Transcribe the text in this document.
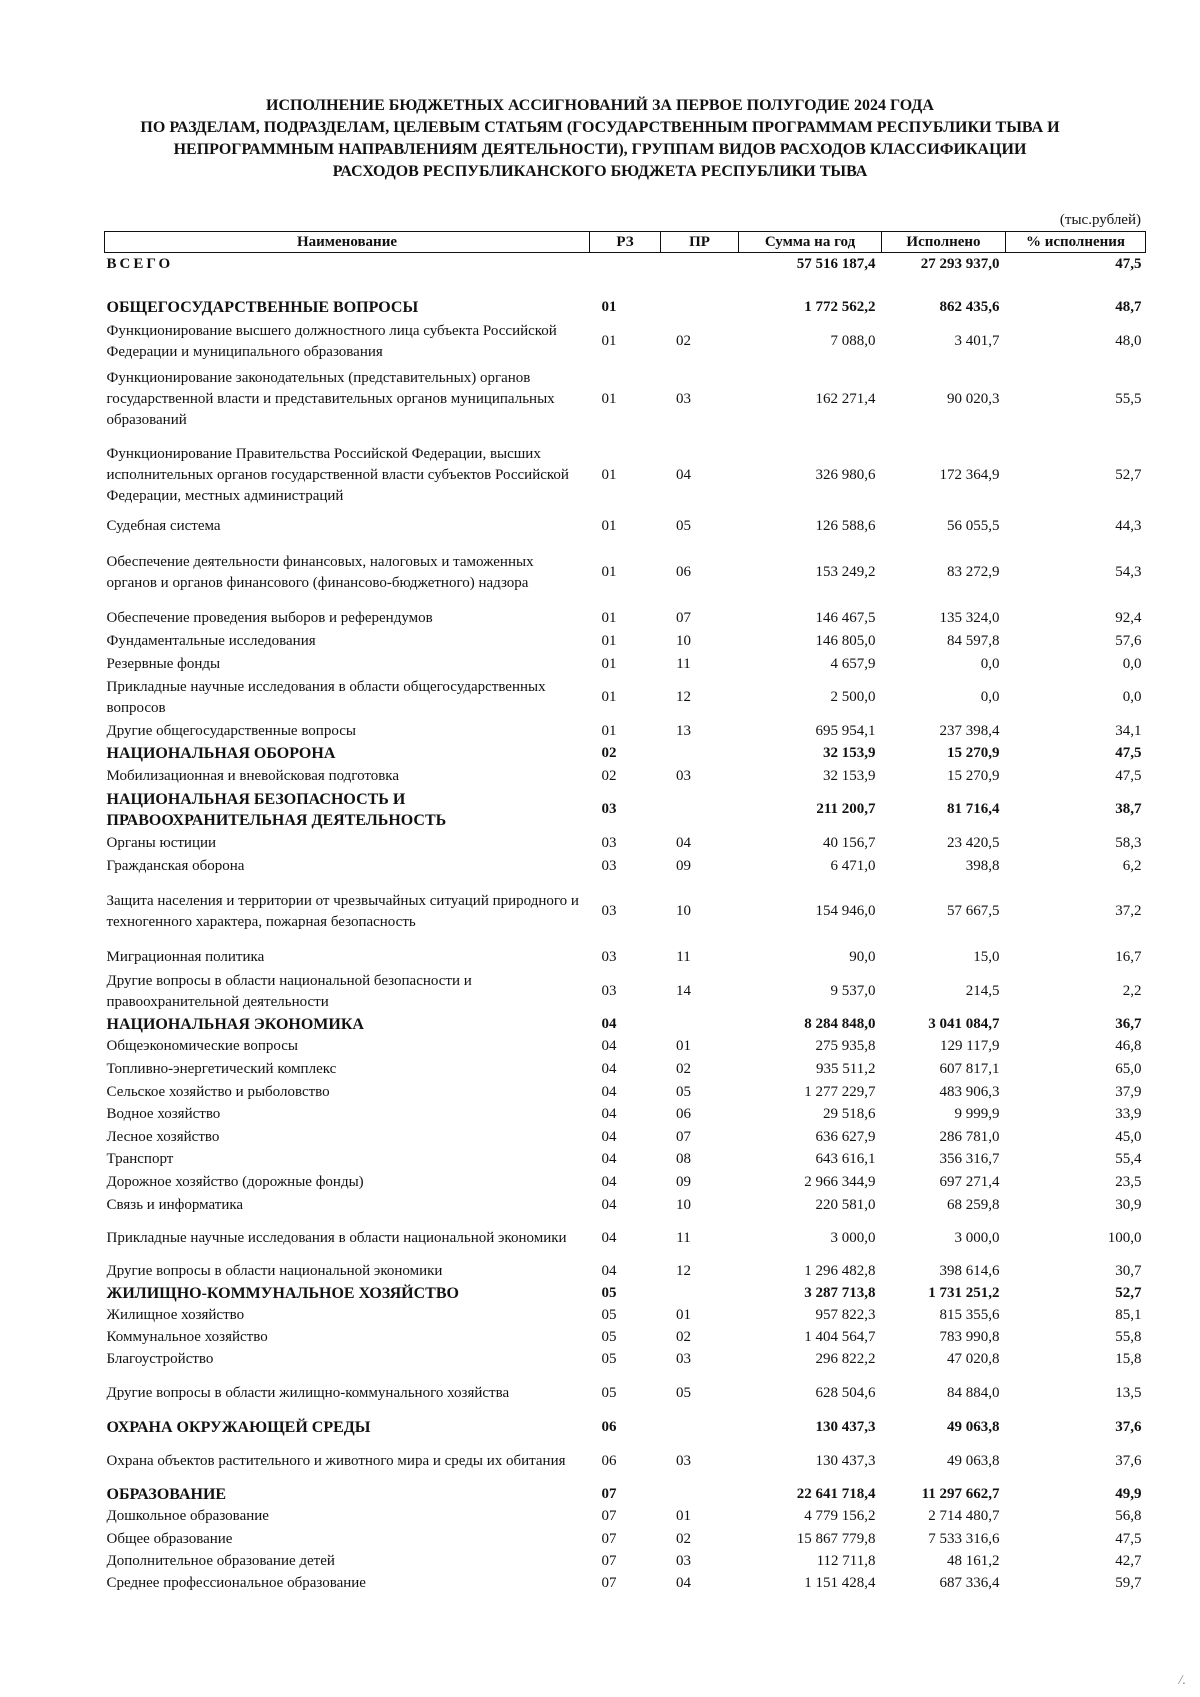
ИСПОЛНЕНИЕ БЮДЖЕТНЫХ АССИГНОВАНИЙ ЗА ПЕРВОЕ ПОЛУГОДИЕ 2024 ГОДА
ПО РАЗДЕЛАМ, ПОДРАЗДЕЛАМ, ЦЕЛЕВЫМ СТАТЬЯМ (ГОСУДАРСТВЕННЫМ ПРОГРАММАМ РЕСПУБЛИКИ ТЫВА И
НЕПРОГРАММНЫМ НАПРАВЛЕНИЯМ ДЕЯТЕЛЬНОСТИ), ГРУППАМ ВИДОВ РАСХОДОВ КЛАССИФИКАЦИИ
РАСХОДОВ РЕСПУБЛИКАНСКОГО БЮДЖЕТА РЕСПУБЛИКИ ТЫВА
(тыс.рублей)
Наименование	РЗ	ПР	Сумма на год	Исполнено	% исполнения
ВСЕГО			57 516 187,4	27 293 937,0	47,5

ОБЩЕГОСУДАРСТВЕННЫЕ ВОПРОСЫ	01		1 772 562,2	862 435,6	48,7
Функционирование высшего должностного лица субъекта Российской Федерации и муниципального образования	01	02	7 088,0	3 401,7	48,0
Функционирование законодательных (представительных) органов государственной власти и представительных органов муниципальных образований	01	03	162 271,4	90 020,3	55,5
Функционирование Правительства Российской Федерации, высших исполнительных органов государственной власти субъектов Российской Федерации, местных администраций	01	04	326 980,6	172 364,9	52,7
Судебная система	01	05	126 588,6	56 055,5	44,3
Обеспечение деятельности финансовых, налоговых и таможенных органов и органов финансового (финансово-бюджетного) надзора	01	06	153 249,2	83 272,9	54,3
Обеспечение проведения выборов и референдумов	01	07	146 467,5	135 324,0	92,4
Фундаментальные исследования	01	10	146 805,0	84 597,8	57,6
Резервные фонды	01	11	4 657,9	0,0	0,0
Прикладные научные исследования в области общегосударственных вопросов	01	12	2 500,0	0,0	0,0
Другие общегосударственные вопросы	01	13	695 954,1	237 398,4	34,1
НАЦИОНАЛЬНАЯ ОБОРОНА	02		32 153,9	15 270,9	47,5
Мобилизационная и вневойсковая подготовка	02	03	32 153,9	15 270,9	47,5
НАЦИОНАЛЬНАЯ БЕЗОПАСНОСТЬ И ПРАВООХРАНИТЕЛЬНАЯ ДЕЯТЕЛЬНОСТЬ	03		211 200,7	81 716,4	38,7
Органы юстиции	03	04	40 156,7	23 420,5	58,3
Гражданская оборона	03	09	6 471,0	398,8	6,2
Защита населения и территории от чрезвычайных ситуаций природного и техногенного характера, пожарная безопасность	03	10	154 946,0	57 667,5	37,2
Миграционная политика	03	11	90,0	15,0	16,7
Другие вопросы в области национальной безопасности и правоохранительной деятельности	03	14	9 537,0	214,5	2,2
НАЦИОНАЛЬНАЯ ЭКОНОМИКА	04		8 284 848,0	3 041 084,7	36,7
Общеэкономические вопросы	04	01	275 935,8	129 117,9	46,8
Топливно-энергетический комплекс	04	02	935 511,2	607 817,1	65,0
Сельское хозяйство и рыболовство	04	05	1 277 229,7	483 906,3	37,9
Водное хозяйство	04	06	29 518,6	9 999,9	33,9
Лесное хозяйство	04	07	636 627,9	286 781,0	45,0
Транспорт	04	08	643 616,1	356 316,7	55,4
Дорожное хозяйство (дорожные фонды)	04	09	2 966 344,9	697 271,4	23,5
Связь и информатика	04	10	220 581,0	68 259,8	30,9
Прикладные научные исследования в области национальной экономики	04	11	3 000,0	3 000,0	100,0
Другие вопросы в области национальной экономики	04	12	1 296 482,8	398 614,6	30,7
ЖИЛИЩНО-КОММУНАЛЬНОЕ ХОЗЯЙСТВО	05		3 287 713,8	1 731 251,2	52,7
Жилищное хозяйство	05	01	957 822,3	815 355,6	85,1
Коммунальное хозяйство	05	02	1 404 564,7	783 990,8	55,8
Благоустройство	05	03	296 822,2	47 020,8	15,8
Другие вопросы в области жилищно-коммунального хозяйства	05	05	628 504,6	84 884,0	13,5
ОХРАНА ОКРУЖАЮЩЕЙ СРЕДЫ	06		130 437,3	49 063,8	37,6
Охрана объектов растительного и животного мира и среды их обитания	06	03	130 437,3	49 063,8	37,6
ОБРАЗОВАНИЕ	07		22 641 718,4	11 297 662,7	49,9
Дошкольное образование	07	01	4 779 156,2	2 714 480,7	56,8
Общее образование	07	02	15 867 779,8	7 533 316,6	47,5
Дополнительное образование детей	07	03	112 711,8	48 161,2	42,7
Среднее профессиональное образование	07	04	1 151 428,4	687 336,4	59,7
/.
